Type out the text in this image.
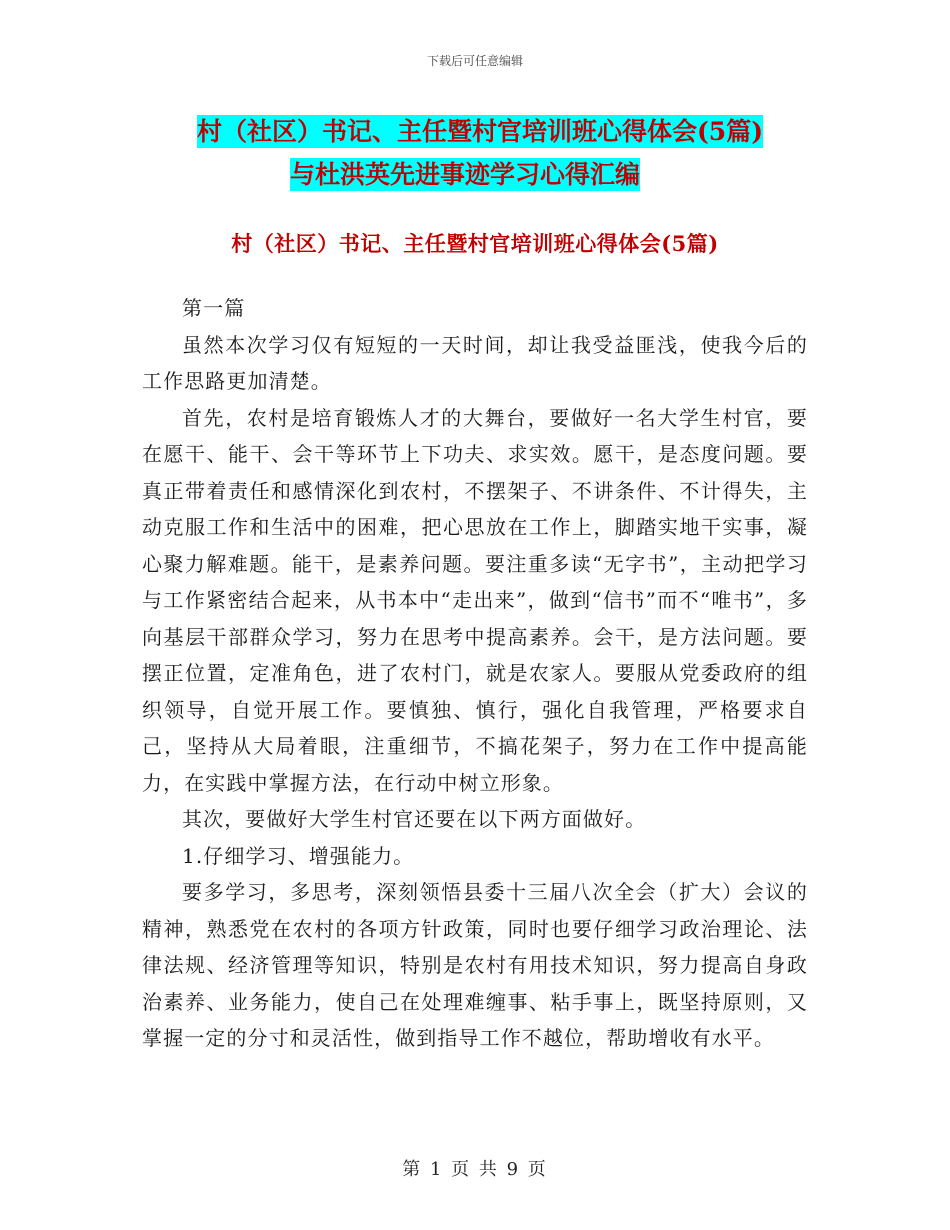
下载后可任意编辑
村（社区）书记、主任暨村官培训班心得体会(5篇)
与杜洪英先进事迹学习心得汇编
村（社区）书记、主任暨村官培训班心得体会(5篇)

第一篇

虽然本次学习仅有短短的一天时间，却让我受益匪浅，使我今后的工作思路更加清楚。

首先，农村是培育锻炼人才的大舞台，要做好一名大学生村官，要在愿干、能干、会干等环节上下功夫、求实效。愿干，是态度问题。要真正带着责任和感情深化到农村，不摆架子、不讲条件、不计得失，主动克服工作和生活中的困难，把心思放在工作上，脚踏实地干实事，凝心聚力解难题。能干，是素养问题。要注重多读“无字书”，主动把学习与工作紧密结合起来，从书本中“走出来”，做到“信书”而不“唯书”，多向基层干部群众学习，努力在思考中提高素养。会干，是方法问题。要摆正位置，定准角色，进了农村门，就是农家人。要服从党委政府的组织领导，自觉开展工作。要慎独、慎行，强化自我管理，严格要求自己，坚持从大局着眼，注重细节，不搞花架子，努力在工作中提高能力，在实践中掌握方法，在行动中树立形象。

其次，要做好大学生村官还要在以下两方面做好。

1.仔细学习、增强能力。

要多学习，多思考，深刻领悟县委十三届八次全会（扩大）会议的精神，熟悉党在农村的各项方针政策，同时也要仔细学习政治理论、法律法规、经济管理等知识，特别是农村有用技术知识，努力提高自身政治素养、业务能力，使自己在处理难缠事、粘手事上，既坚持原则，又掌握一定的分寸和灵活性，做到指导工作不越位，帮助增收有水平。

第 1 页 共 9 页
